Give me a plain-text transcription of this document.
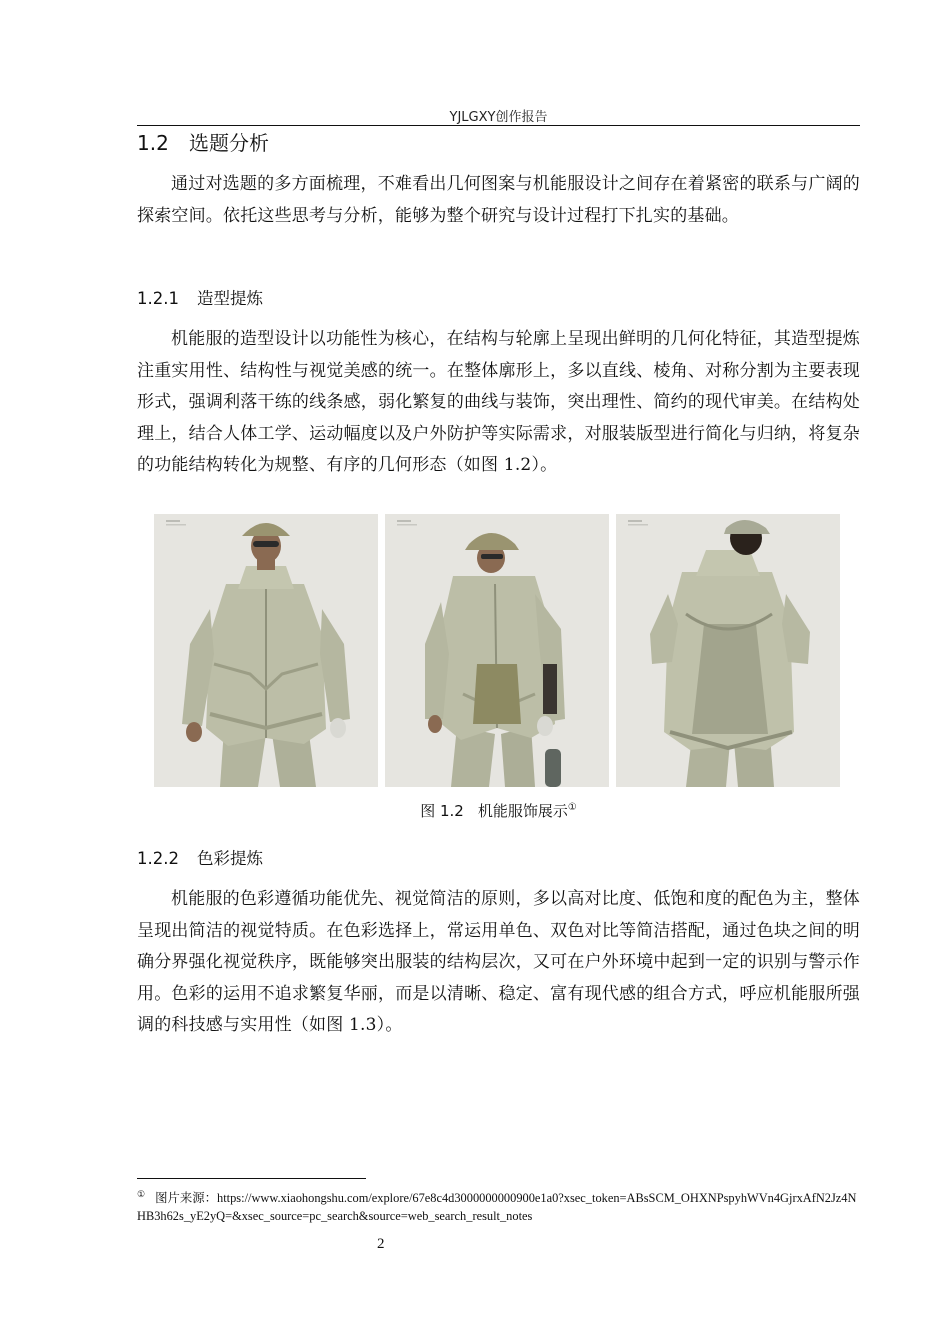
YJLGXY创作报告
1.2 选题分析

通过对选题的多方面梳理，不难看出几何图案与机能服设计之间存在着紧密的联系与广阔的探索空间。依托这些思考与分析，能够为整个研究与设计过程打下扎实的基础。

1.2.1 造型提炼

机能服的造型设计以功能性为核心，在结构与轮廓上呈现出鲜明的几何化特征，其造型提炼注重实用性、结构性与视觉美感的统一。在整体廓形上，多以直线、棱角、对称分割为主要表现形式，强调利落干练的线条感，弱化繁复的曲线与装饰，突出理性、简约的现代审美。在结构处理上，结合人体工学、运动幅度以及户外防护等实际需求，对服装版型进行简化与归纳，将复杂的功能结构转化为规整、有序的几何形态（如图 1.2）。

图 1.2 机能服饰展示①
1.2.2 色彩提炼

机能服的色彩遵循功能优先、视觉简洁的原则，多以高对比度、低饱和度的配色为主，整体呈现出简洁的视觉特质。在色彩选择上，常运用单色、双色对比等简洁搭配，通过色块之间的明确分界强化视觉秩序，既能够突出服装的结构层次，又可在户外环境中起到一定的识别与警示作用。色彩的运用不追求繁复华丽，而是以清晰、稳定、富有现代感的组合方式，呼应机能服所强调的科技感与实用性（如图 1.3）。

① 图片来源：https://www.xiaohongshu.com/explore/67e8c4d3000000000900e1a0?xsec_token=ABsSCM_OHXNPspyhWVn4GjrxAfN2Jz4NHB3h62s_yE2yQ=&xsec_source=pc_search&source=web_search_result_notes
2
